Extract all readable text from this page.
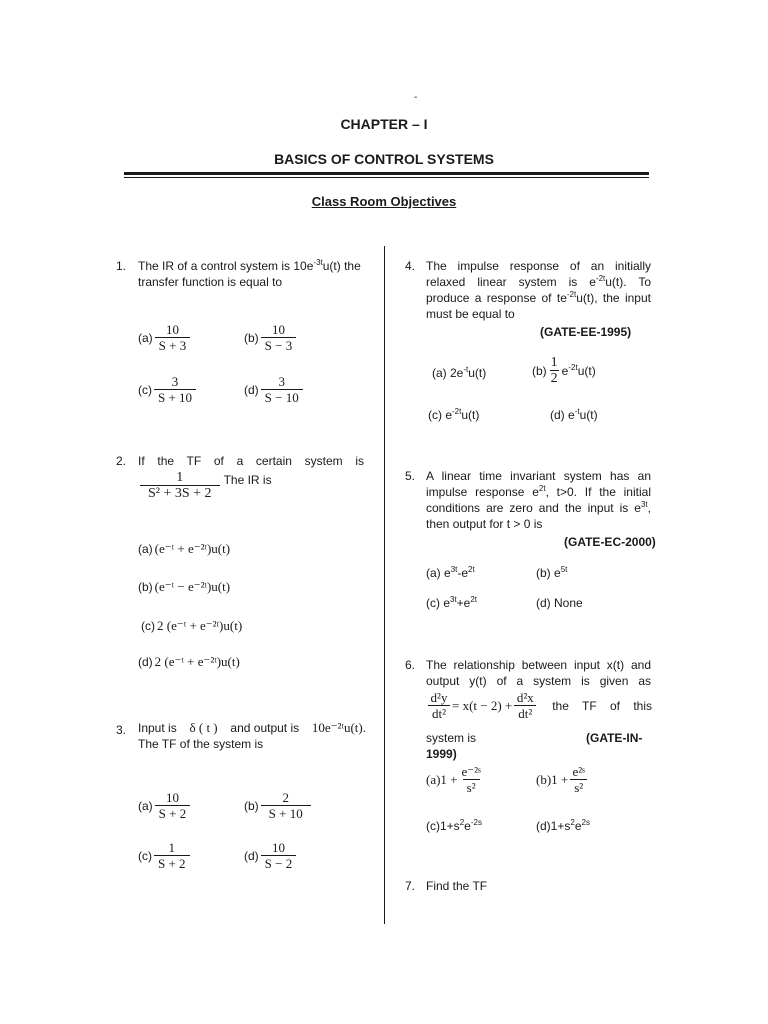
-
CHAPTER – I
BASICS OF CONTROL SYSTEMS
Class Room Objectives
1. The IR of a control system is $10e^{-3t}u(t)$ the
transfer function is equal to
$(a) \frac{10}{S + 3}$	$(b) \frac{10}{S - 3}$
$(c) \frac{3}{S + 10}$	$(d) \frac{3}{S - 10}$
2. If the TF of a certain system is
$\frac{1}{\text{S² + 3S + 2}}$ The IR is
(a) (e⁻ᵗ + e⁻²ᵗ)u(t)
(b) (e⁻ᵗ − e⁻²ᵗ)u(t)
(c) 2 (e⁻ᵗ + e⁻²ᵗ)u(t)
(d) 2 (e⁻ᵗ + e⁻²ᵗ)u(t)
3. Input is δ ( t ) and output is 10e⁻²ᵗu(t).
The TF of the system is
$(a) \frac{10}{S + 2}$	$(b) \frac{2}{S + 10}$
$(c) \frac{1}{S + 2}$	$(d) \frac{10}{S - 2}$
4. The impulse response of an initially
relaxed linear system is $e^{-2t}u(t)$. To
produce a response of $te^{-2t}u(t)$, the input
must be equal to
(GATE-EE-1995)
(a) $2e^{-t}u(t)$	$(b) \frac{1}{2} e^{-2t}u(t)$
(c) $e^{-2t}u(t)$	(d) $e^{-t}u(t)$
5. A linear time invariant system has an
impulse response $e^{2t}$, t>0. If the initial
conditions are zero and the input is $e^{3t}$,
then output for t > 0 is
(GATE-EC-2000)
(a) $e^{3t}-e^{2t}$	(b) $e^{5t}$
(c) $e^{3t}+e^{2t}$	(d) None
6. The relationship between input x(t) and
output y(t) of a system is given as
$\frac{\text{d²y}}{\text{dt²}} = x(t - 2) + \frac{\text{d²x}}{\text{dt²}}$ the TF of this
system is	(GATE-IN-
1999)
$(a)1 + \frac{\text{e⁻²ˢ}}{\text{s²}}$	$(b)1 + \frac{\text{e²ˢ}}{\text{s²}}$
$(c)1+s^2e^{-2s}$	$(d)1+s^2e^{2s}$
7. Find the TF
